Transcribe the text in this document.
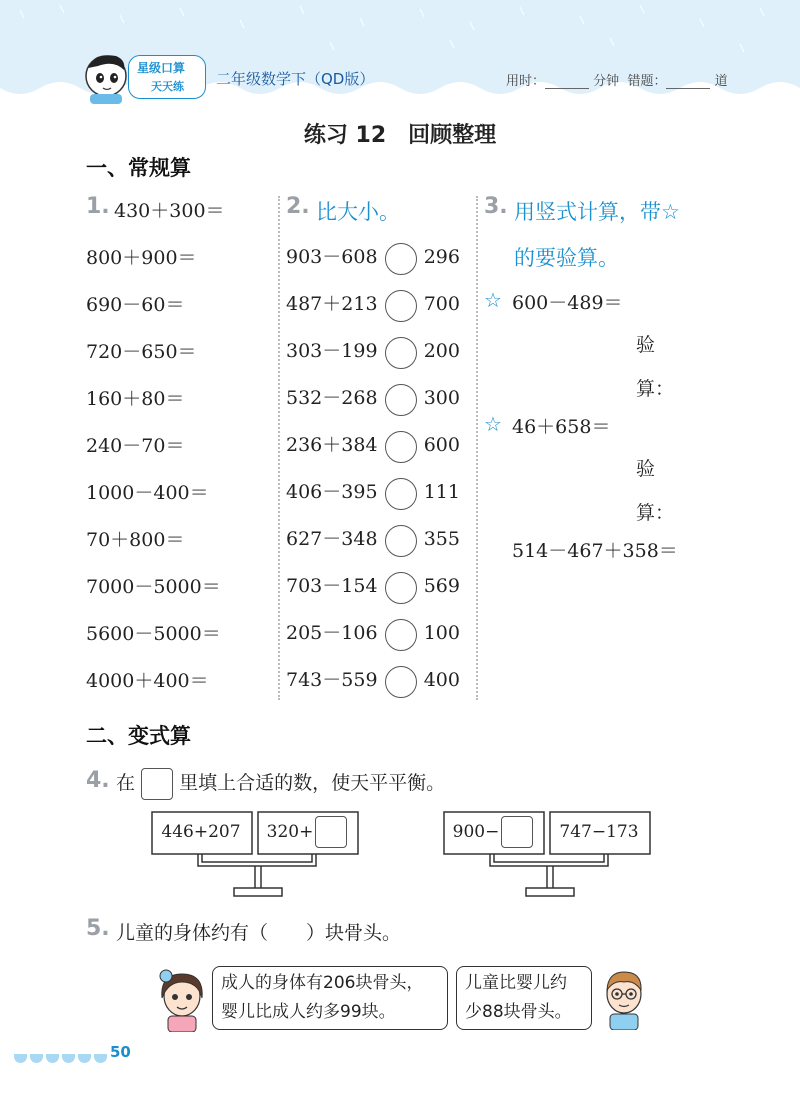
星级口算
天天练 二年级数学下（QD版）	用时：	分钟 错题：	道
练习 12　回顾整理
一、常规算
1. 430＋300＝
800＋900＝
690－60＝
720－650＝
160＋80＝
240－70＝
1000－400＝
70＋800＝
7000－5000＝
5600－5000＝
4000＋400＝
2. 比大小。
903－608 296
487＋213 700
303－199 200
532－268 300
236＋384 600
406－395 111
627－348 355
703－154 569
205－106 100
743－559 400
3. 用竖式计算，带☆
的要验算。
☆ 600－489＝
验
算：
☆ 46＋658＝
验
算：
514－467＋358＝
二、变式算
4. 在 里填上合适的数，使天平平衡。
446+207 320+	900−	747−173
5. 儿童的身体约有（　　）块骨头。
成人的身体有206块骨头，
婴儿比成人约多99块。
儿童比婴儿约
少88块骨头。
50
